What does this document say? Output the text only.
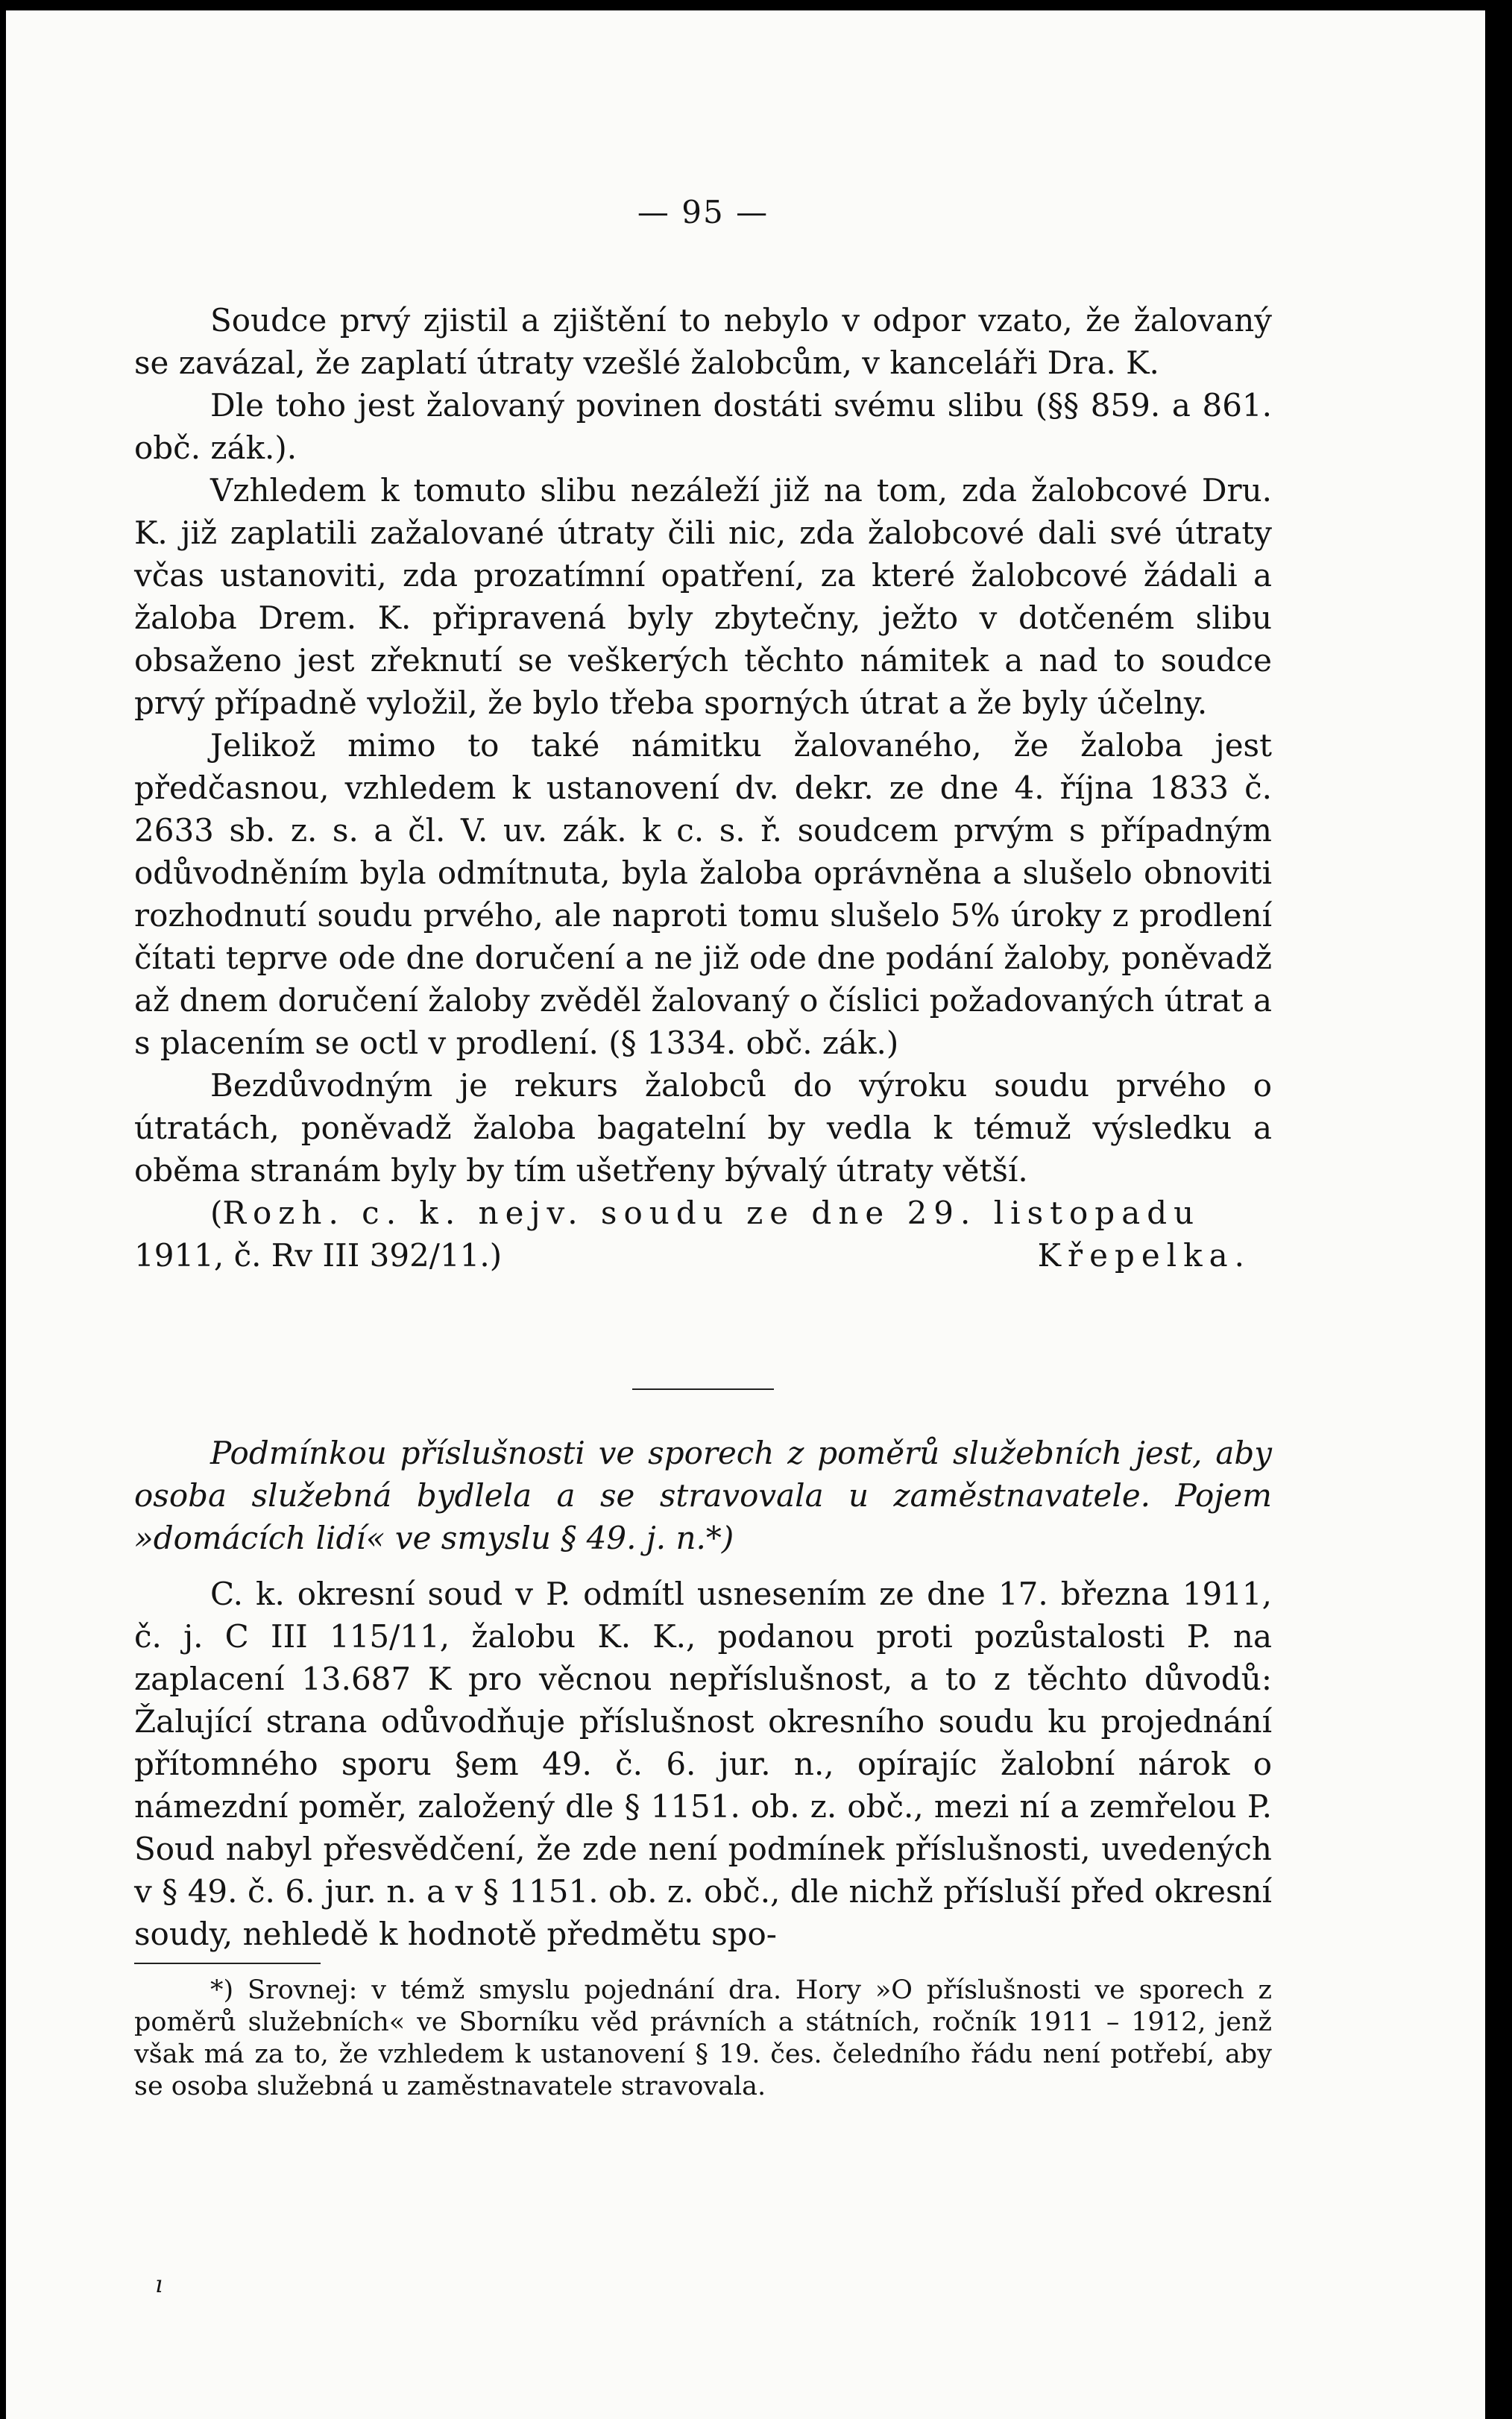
— 95 —

Soudce prvý zjistil a zjištění to nebylo v odpor vzato, že žalovaný se zavázal, že zaplatí útraty vzešlé žalobcům, v kanceláři Dra. K.

Dle toho jest žalovaný povinen dostáti svému slibu (§§ 859. a 861. obč. zák.).

Vzhledem k tomuto slibu nezáleží již na tom, zda žalobcové Dru. K. již zaplatili zažalované útraty čili nic, zda žalobcové dali své útraty včas ustanoviti, zda prozatímní opatření, za které žalobcové žádali a žaloba Drem. K. připravená byly zbytečny, ježto v dotčeném slibu obsaženo jest zřeknutí se veškerých těchto námitek a nad to soudce prvý případně vyložil, že bylo třeba sporných útrat a že byly účelny.

Jelikož mimo to také námitku žalovaného, že žaloba jest předčasnou, vzhledem k ustanovení dv. dekr. ze dne 4. října 1833 č. 2633 sb. z. s. a čl. V. uv. zák. k c. s. ř. soudcem prvým s případným odůvodněním byla odmítnuta, byla žaloba oprávněna a slušelo obnoviti rozhodnutí soudu prvého, ale naproti tomu slušelo 5% úroky z prodlení čítati teprve ode dne doručení a ne již ode dne podání žaloby, poněvadž až dnem doručení žaloby zvěděl žalovaný o číslici požadovaných útrat a s placením se octl v prodlení. (§ 1334. obč. zák.)

Bezdůvodným je rekurs žalobců do výroku soudu prvého o útratách, poněvadž žaloba bagatelní by vedla k témuž výsledku a oběma stranám byly by tím ušetřeny bývalý útraty větší.

(Rozh. c. k. nejv. soudu ze dne 29. listopadu 1911, č. Rv III 392/11.)	Křepelka.

Podmínkou příslušnosti ve sporech z poměrů služebních jest, aby osoba služebná bydlela a se stravovala u zaměstnavatele. Pojem »domácích lidí« ve smyslu § 49. j. n.*)

C. k. okresní soud v P. odmítl usnesením ze dne 17. března 1911, č. j. C III 115/11, žalobu K. K., podanou proti pozůstalosti P. na zaplacení 13.687 K pro věcnou nepříslušnost, a to z těchto důvodů: Žalující strana odůvodňuje příslušnost okresního soudu ku projednání přítomného sporu §em 49. č. 6. jur. n., opírajíc žalobní nárok o námezdní poměr, založený dle § 1151. ob. z. obč., mezi ní a zemřelou P. Soud nabyl přesvědčení, že zde není podmínek příslušnosti, uvedených v § 49. č. 6. jur. n. a v § 1151. ob. z. obč., dle nichž přísluší před okresní soudy, nehledě k hodnotě předmětu spo-

*) Srovnej: v témž smyslu pojednání dra. Hory »O příslušnosti ve sporech z poměrů služebních« ve Sborníku věd právních a státních, ročník 1911 – 1912, jenž však má za to, že vzhledem k ustanovení § 19. čes. čeledního řádu není potřebí, aby se osoba služebná u zaměstnavatele stravovala.

ı
